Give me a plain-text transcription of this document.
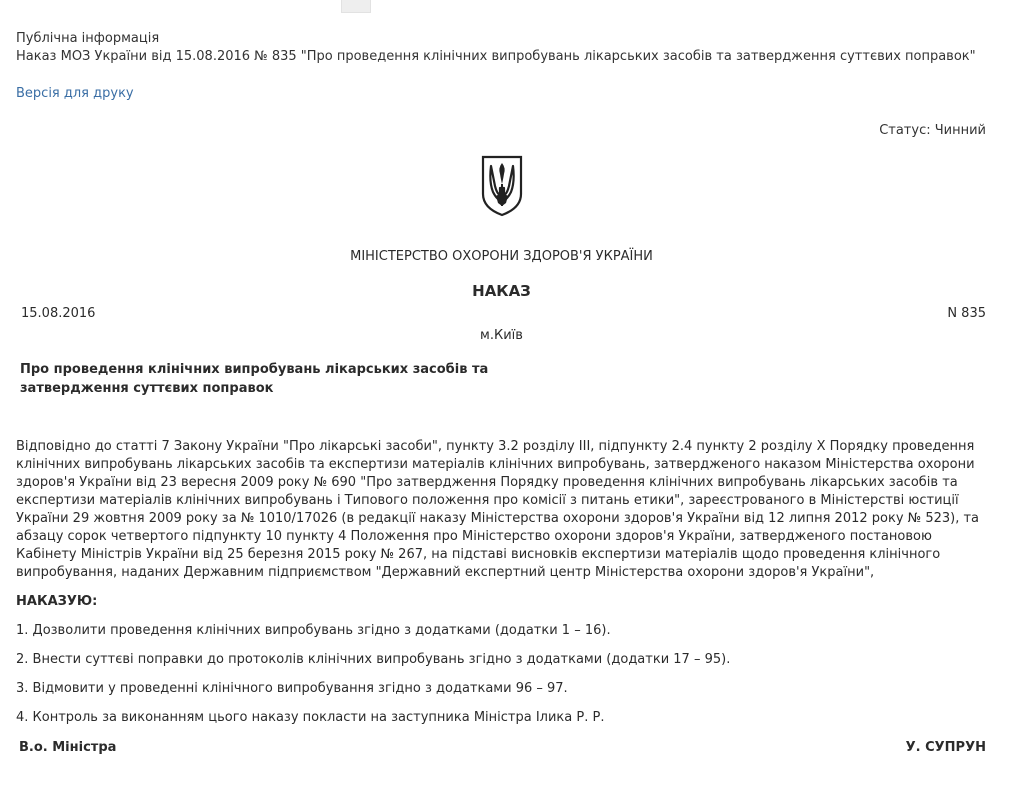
Публічна інформація
Наказ МОЗ України від 15.08.2016 № 835 "Про проведення клінічних випробувань лікарських засобів та затвердження суттєвих поправок"
Версія для друку
Статус: Чинний
МІНІСТЕРСТВО ОХОРОНИ ЗДОРОВ'Я УКРАЇНИ
НАКАЗ
15.08.2016	N 835
м.Київ
Про проведення клінічних випробувань лікарських засобів та затвердження суттєвих поправок
Відповідно до статті 7 Закону України "Про лікарські засоби", пункту 3.2 розділу III, підпункту 2.4 пункту 2 розділу X Порядку проведення клінічних випробувань лікарських засобів та експертизи матеріалів клінічних випробувань, затвердженого наказом Міністерства охорони здоров'я України від 23 вересня 2009 року № 690 "Про затвердження Порядку проведення клінічних випробувань лікарських засобів та експертизи матеріалів клінічних випробувань і Типового положення про комісії з питань етики", зареєстрованого в Міністерстві юстиції України 29 жовтня 2009 року за № 1010/17026 (в редакції наказу Міністерства охорони здоров'я України від 12 липня 2012 року № 523), та абзацу сорок четвертого підпункту 10 пункту 4 Положення про Міністерство охорони здоров'я України, затвердженого постановою Кабінету Міністрів України від 25 березня 2015 року № 267, на підставі висновків експертизи матеріалів щодо проведення клінічного випробування, наданих Державним підприємством "Державний експертний центр Міністерства охорони здоров'я України",
НАКАЗУЮ:
1. Дозволити проведення клінічних випробувань згідно з додатками (додатки 1 – 16).
2. Внести суттєві поправки до протоколів клінічних випробувань згідно з додатками (додатки 17 – 95).
3. Відмовити у проведенні клінічного випробування згідно з додатками 96 – 97.
4. Контроль за виконанням цього наказу покласти на заступника Міністра Ілика Р. Р.
В.о. Міністра	У. СУПРУН
